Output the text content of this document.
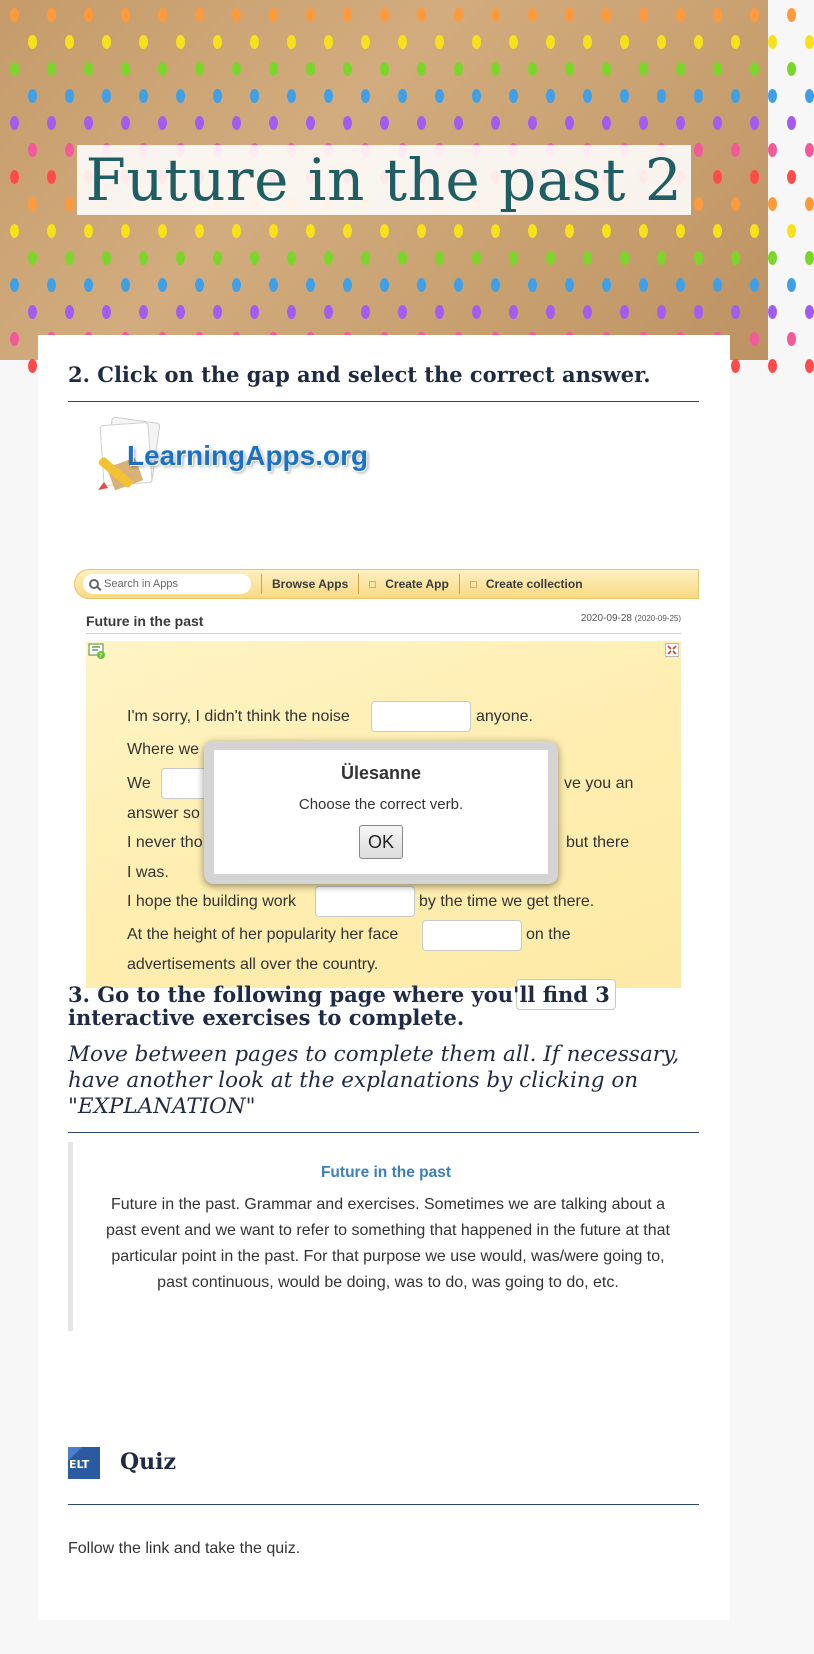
Future in the past 2
2. Click on the gap and select the correct answer.
LearningApps.org
Search in Apps	Browse Apps	Create App	Create collection
Future in the past	2020-09-28 (2020-09-25)
?
I'm sorry, I didn't think the noise	anyone.
Where we
We	ve you an
answer so
I never tho	but there
I was.
I hope the building work	by the time we get there.
At the height of her popularity her face	on the
advertisements all over the country.
Ülesanne
Choose the correct verb.
OK
3. Go to the following page where you'll find 3 interactive exercises to complete.
Move between pages to complete them all. If necessary, have another look at the explanations by clicking on "EXPLANATION"
Future in the past
Future in the past. Grammar and exercises. Sometimes we are talking about a past event and we want to refer to something that happened in the future at that particular point in the past. For that purpose we use would, was/were going to, past continuous, would be doing, was to do, was going to do, etc.
ELT Quiz
Follow the link and take the quiz.
